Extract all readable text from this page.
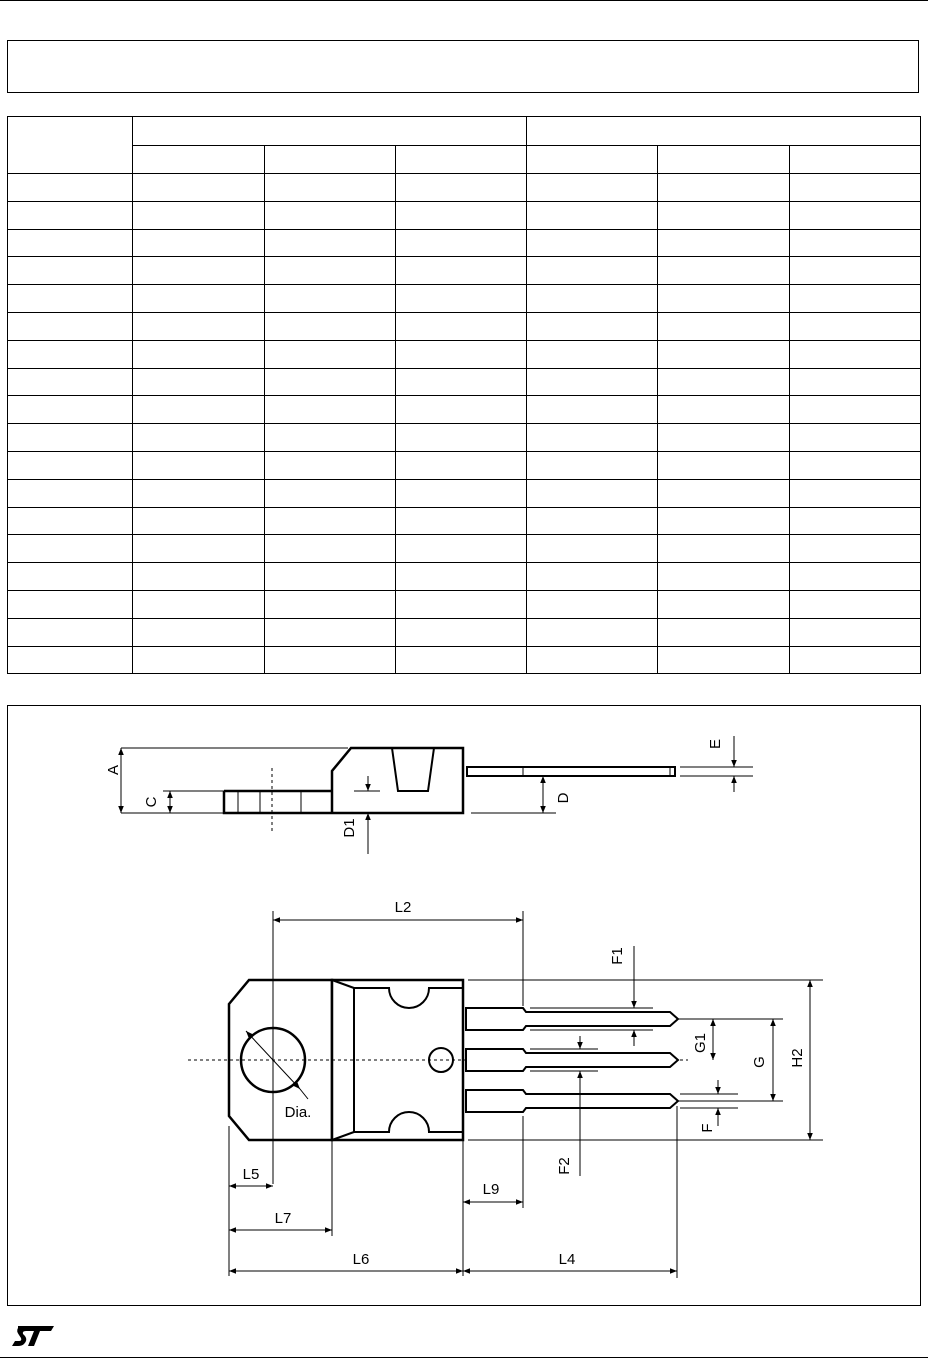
A
C
D1
D
E
L2
F1
G1
G H2
F
F2
Dia.
L5
L7
L9
L6	L4
